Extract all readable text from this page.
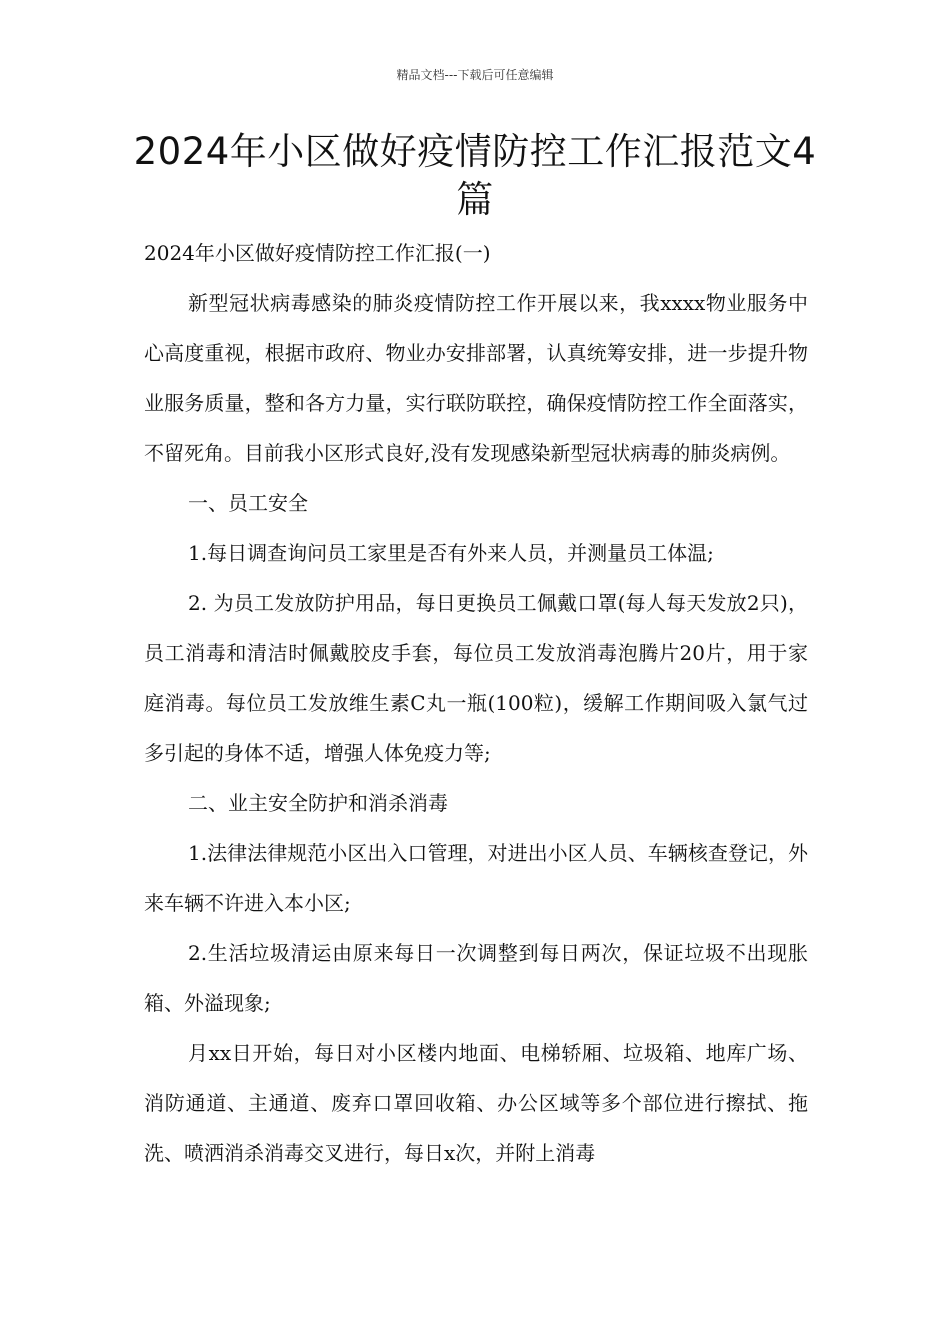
精品文档---下载后可任意编辑
2024年小区做好疫情防控工作汇报范文4篇

2024年小区做好疫情防控工作汇报(一)

新型冠状病毒感染的肺炎疫情防控工作开展以来，我xxxx物业服务中心高度重视，根据市政府、物业办安排部署，认真统筹安排，进一步提升物业服务质量，整和各方力量，实行联防联控，确保疫情防控工作全面落实，不留死角。目前我小区形式良好,没有发现感染新型冠状病毒的肺炎病例。

一、员工安全

1.每日调查询问员工家里是否有外来人员，并测量员工体温;

2. 为员工发放防护用品，每日更换员工佩戴口罩(每人每天发放2只)，员工消毒和清洁时佩戴胶皮手套，每位员工发放消毒泡腾片20片，用于家庭消毒。每位员工发放维生素C丸一瓶(100粒)，缓解工作期间吸入氯气过多引起的身体不适，增强人体免疫力等;

二、业主安全防护和消杀消毒

1.法律法律规范小区出入口管理，对进出小区人员、车辆核查登记，外来车辆不许进入本小区;

2.生活垃圾清运由原来每日一次调整到每日两次，保证垃圾不出现胀箱、外溢现象;

月xx日开始，每日对小区楼内地面、电梯轿厢、垃圾箱、地库广场、消防通道、主通道、废弃口罩回收箱、办公区域等多个部位进行擦拭、拖洗、喷洒消杀消毒交叉进行，每日x次，并附上消毒
